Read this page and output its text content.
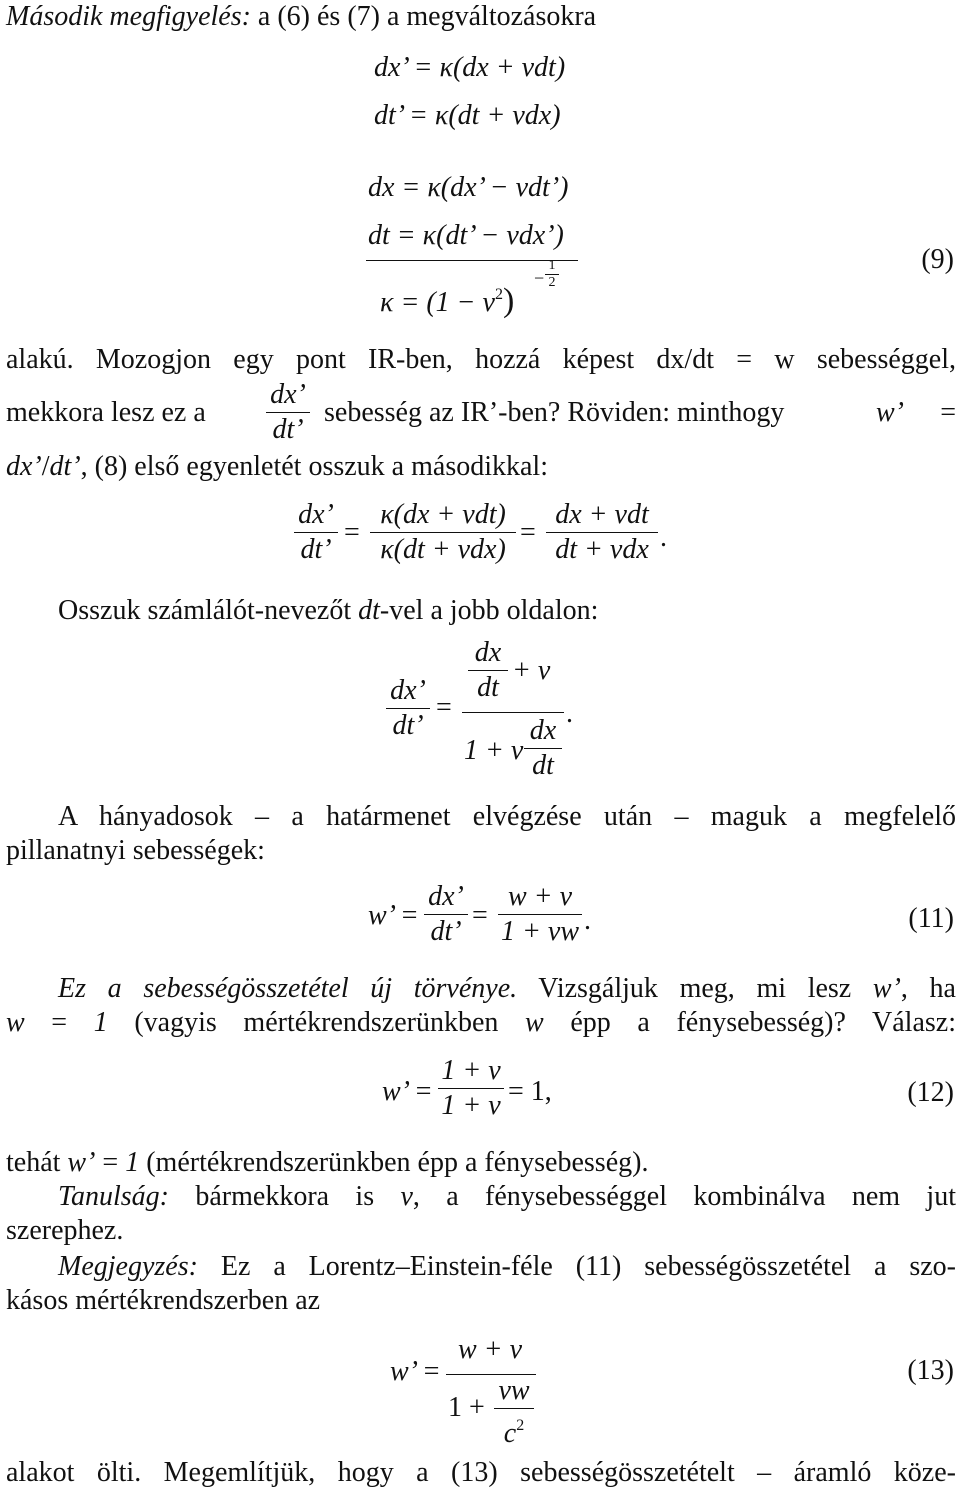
Második megfigyelés: a (6) és (7) a megváltozásokra
dx’ = κ(dx + vdt)
dt’ = κ(dt + vdx)
dx = κ(dx’ − vdt’)
dt = κ(dt’ − vdx’)
$\kappa = (1 - v^2)$
−
1
2
(9)
alakú. Mozogjon egy pont IR-ben, hozzá képest dx/dt = w sebességgel,
mekkora lesz ez a
dx’
dt’
sebesség az IR’-ben? Röviden: minthogy	w’ =
dx’/dt’, (8) első egyenletét osszuk a másodikkal:
dx’
dt’
=
κ(dx + vdt)
κ(dt + vdx)
=
dx + vdt
dt + vdx .
Osszuk számlálót-nevezőt dt-vel a jobb oldalon:
dx’
dt’
=
dx
dt
+ v
1 + v
dx
dt
.
A hányadosok – a határmenet elvégzése után – maguk a megfelelő
pillanatnyi sebességek:
w’ =
dx’
dt’
=
w + v
1 + vw .	(11)
Ez a sebességösszetétel új törvénye. Vizsgáljuk meg, mi lesz w’, ha
w = 1 (vagyis mértékrendszerünkben w épp a fénysebesség)? Válasz:
w’ =
1 + v
1 + v = 1,	(12)
tehát w’ = 1 (mértékrendszerünkben épp a fénysebesség).
Tanulság: bármekkora is v, a fénysebességgel kombinálva nem jut
szerephez.
Megjegyzés: Ez a Lorentz–Einstein-féle (11) sebességösszetétel a szo-
kásos mértékrendszerben az
w’ =
w + v
1 +
vw
$c^2$
(13)
alakot ölti. Megemlítjük, hogy a (13) sebességösszetételt – áramló köze-
